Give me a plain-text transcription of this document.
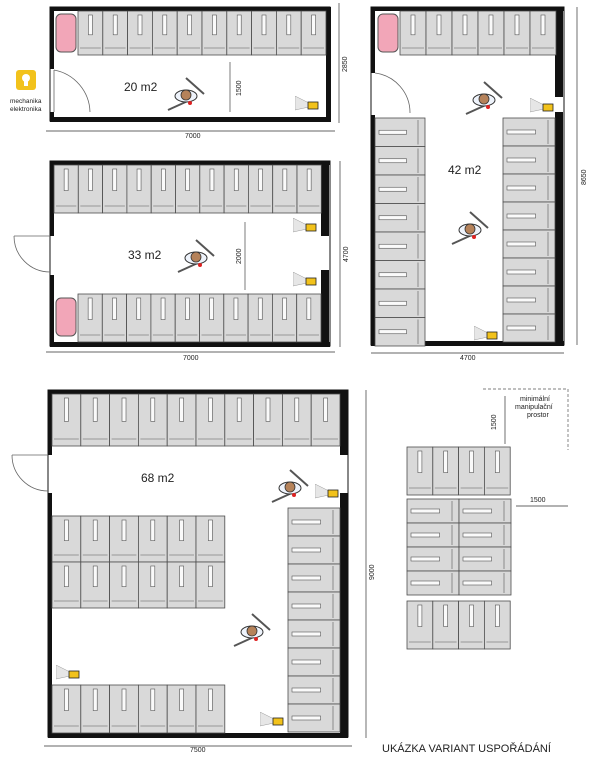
20 m2	1500
2850
7000
mechanika
elektronika
42 m2	8650
4700
33 m2	2000	4700
7000
68 m2
9000
7500
minimální
manipulační
prostor
1500
1500
UKÁZKA VARIANT USPOŘÁDÁNÍ
